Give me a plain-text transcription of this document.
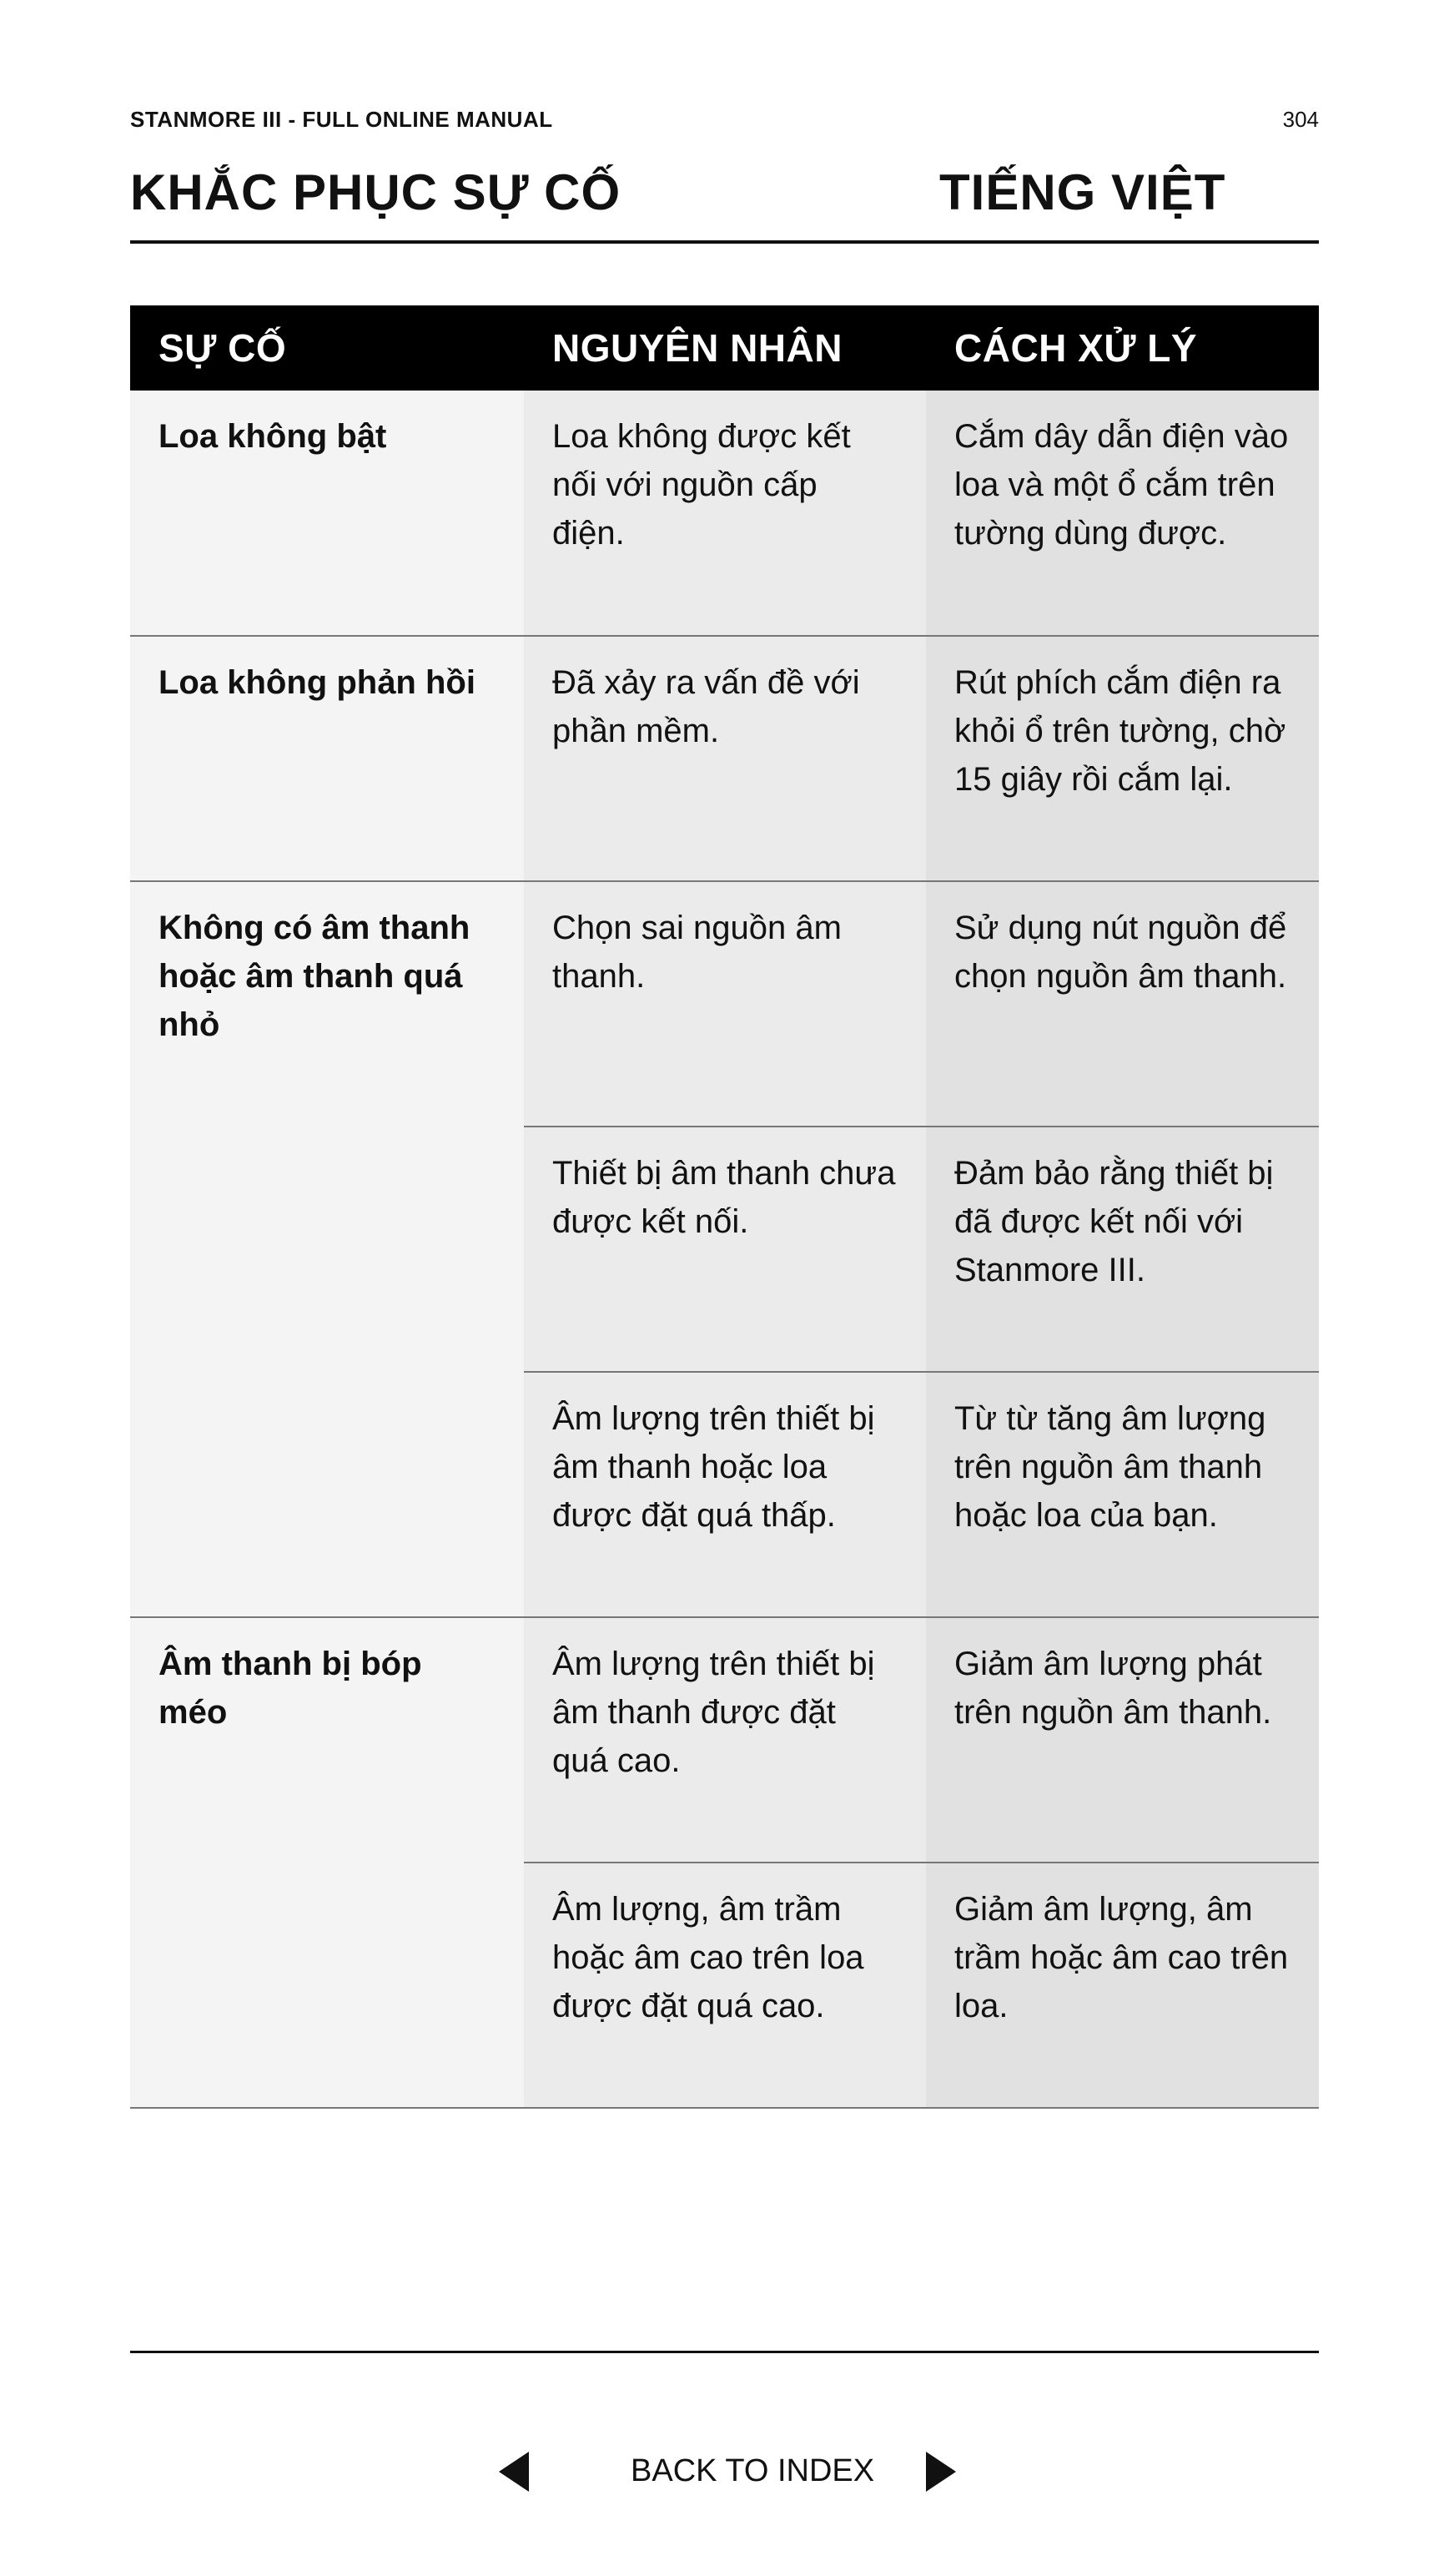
STANMORE III - FULL ONLINE MANUAL	304
KHẮC PHỤC SỰ CỐ	TIẾNG VIỆT
SỰ CỐ	NGUYÊN NHÂN	CÁCH XỬ LÝ
Loa không bật	Loa không được kết nối với nguồn cấp điện.	Cắm dây dẫn điện vào loa và một ổ cắm trên tường dùng được.
Loa không phản hồi	Đã xảy ra vấn đề với phần mềm.	Rút phích cắm điện ra khỏi ổ trên tường, chờ 15 giây rồi cắm lại.
Không có âm thanh hoặc âm thanh quá nhỏ	Chọn sai nguồn âm thanh.	Sử dụng nút nguồn để chọn nguồn âm thanh.
	Thiết bị âm thanh chưa được kết nối.	Đảm bảo rằng thiết bị đã được kết nối với Stanmore III.
	Âm lượng trên thiết bị âm thanh hoặc loa được đặt quá thấp.	Từ từ tăng âm lượng trên nguồn âm thanh hoặc loa của bạn.
Âm thanh bị bóp méo	Âm lượng trên thiết bị âm thanh được đặt quá cao.	Giảm âm lượng phát trên nguồn âm thanh.
	Âm lượng, âm trầm hoặc âm cao trên loa được đặt quá cao.	Giảm âm lượng, âm trầm hoặc âm cao trên loa.
BACK TO INDEX
